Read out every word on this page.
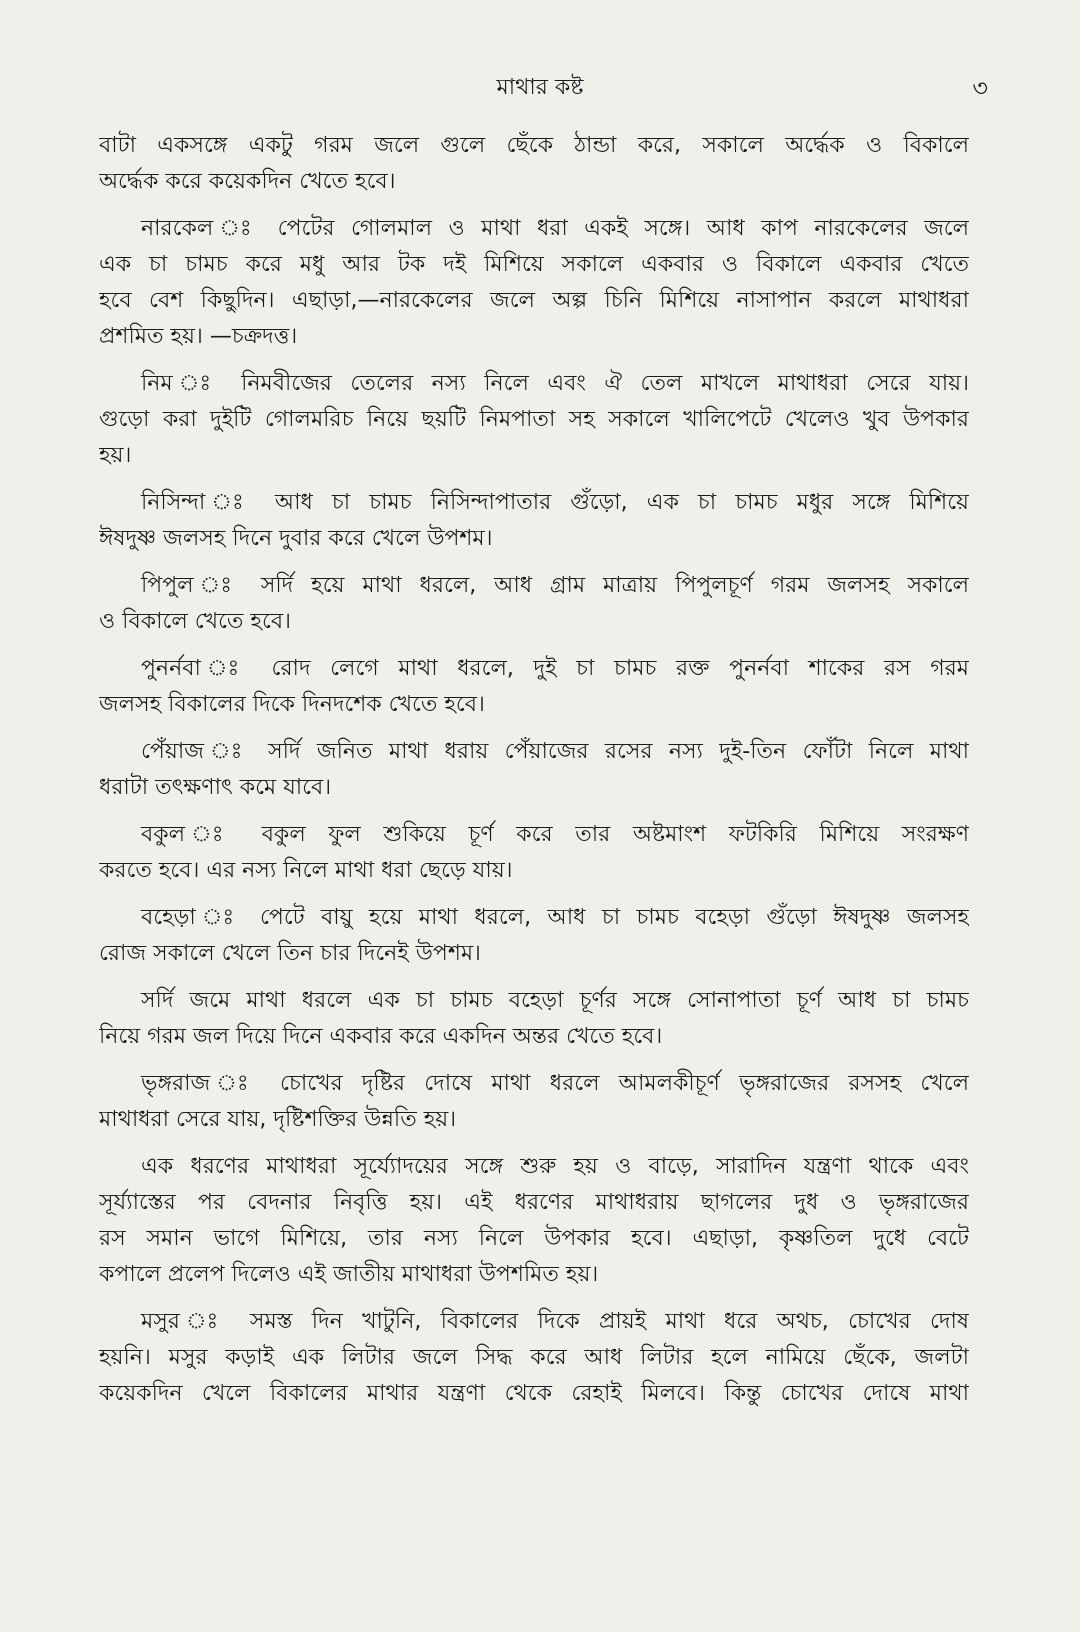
মাথার কষ্ট	৩
বাটা একসঙ্গে একটু গরম জলে গুলে ছেঁকে ঠান্ডা করে, সকালে অর্দ্ধেক ও বিকালে
অর্দ্ধেক করে কয়েকদিন খেতে হবে।
নারকেল ঃ পেটের গোলমাল ও মাথা ধরা একই সঙ্গে। আধ কাপ নারকেলের জলে
এক চা চামচ করে মধু আর টক দই মিশিয়ে সকালে একবার ও বিকালে একবার খেতে
হবে বেশ কিছুদিন। এছাড়া,—নারকেলের জলে অল্প চিনি মিশিয়ে নাসাপান করলে মাথাধরা
প্রশমিত হয়। —চক্রদত্ত।
নিম ঃ নিমবীজের তেলের নস্য নিলে এবং ঐ তেল মাখলে মাথাধরা সেরে যায়।
গুড়ো করা দুইটি গোলমরিচ নিয়ে ছয়টি নিমপাতা সহ সকালে খালিপেটে খেলেও খুব উপকার
হয়।
নিসিন্দা ঃ আধ চা চামচ নিসিন্দাপাতার গুঁড়ো, এক চা চামচ মধুর সঙ্গে মিশিয়ে
ঈষদুষ্ণ জলসহ দিনে দুবার করে খেলে উপশম।
পিপুল ঃ সর্দি হয়ে মাথা ধরলে, আধ গ্রাম মাত্রায় পিপুলচূর্ণ গরম জলসহ সকালে
ও বিকালে খেতে হবে।
পুনর্নবা ঃ রোদ লেগে মাথা ধরলে, দুই চা চামচ রক্ত পুনর্নবা শাকের রস গরম
জলসহ বিকালের দিকে দিনদশেক খেতে হবে।
পেঁয়াজ ঃ সর্দি জনিত মাথা ধরায় পেঁয়াজের রসের নস্য দুই-তিন ফোঁটা নিলে মাথা
ধরাটা তৎক্ষণাৎ কমে যাবে।
বকুল ঃ বকুল ফুল শুকিয়ে চূর্ণ করে তার অষ্টমাংশ ফটকিরি মিশিয়ে সংরক্ষণ
করতে হবে। এর নস্য নিলে মাথা ধরা ছেড়ে যায়।
বহেড়া ঃ পেটে বায়ু হয়ে মাথা ধরলে, আধ চা চামচ বহেড়া গুঁড়ো ঈষদুষ্ণ জলসহ
রোজ সকালে খেলে তিন চার দিনেই উপশম।
সর্দি জমে মাথা ধরলে এক চা চামচ বহেড়া চূর্ণর সঙ্গে সোনাপাতা চূর্ণ আধ চা চামচ
নিয়ে গরম জল দিয়ে দিনে একবার করে একদিন অন্তর খেতে হবে।
ভৃঙ্গরাজ ঃ চোখের দৃষ্টির দোষে মাথা ধরলে আমলকীচূর্ণ ভৃঙ্গরাজের রসসহ খেলে
মাথাধরা সেরে যায়, দৃষ্টিশক্তির উন্নতি হয়।
এক ধরণের মাথাধরা সূর্য্যোদয়ের সঙ্গে শুরু হয় ও বাড়ে, সারাদিন যন্ত্রণা থাকে এবং
সূর্য্যাস্তের পর বেদনার নিবৃত্তি হয়। এই ধরণের মাথাধরায় ছাগলের দুধ ও ভৃঙ্গরাজের
রস সমান ভাগে মিশিয়ে, তার নস্য নিলে উপকার হবে। এছাড়া, কৃষ্ণতিল দুধে বেটে
কপালে প্রলেপ দিলেও এই জাতীয় মাথাধরা উপশমিত হয়।
মসুর ঃ সমস্ত দিন খাটুনি, বিকালের দিকে প্রায়ই মাথা ধরে অথচ, চোখের দোষ
হয়নি। মসুর কড়াই এক লিটার জলে সিদ্ধ করে আধ লিটার হলে নামিয়ে ছেঁকে, জলটা
কয়েকদিন খেলে বিকালের মাথার যন্ত্রণা থেকে রেহাই মিলবে। কিন্তু চোখের দোষে মাথা
